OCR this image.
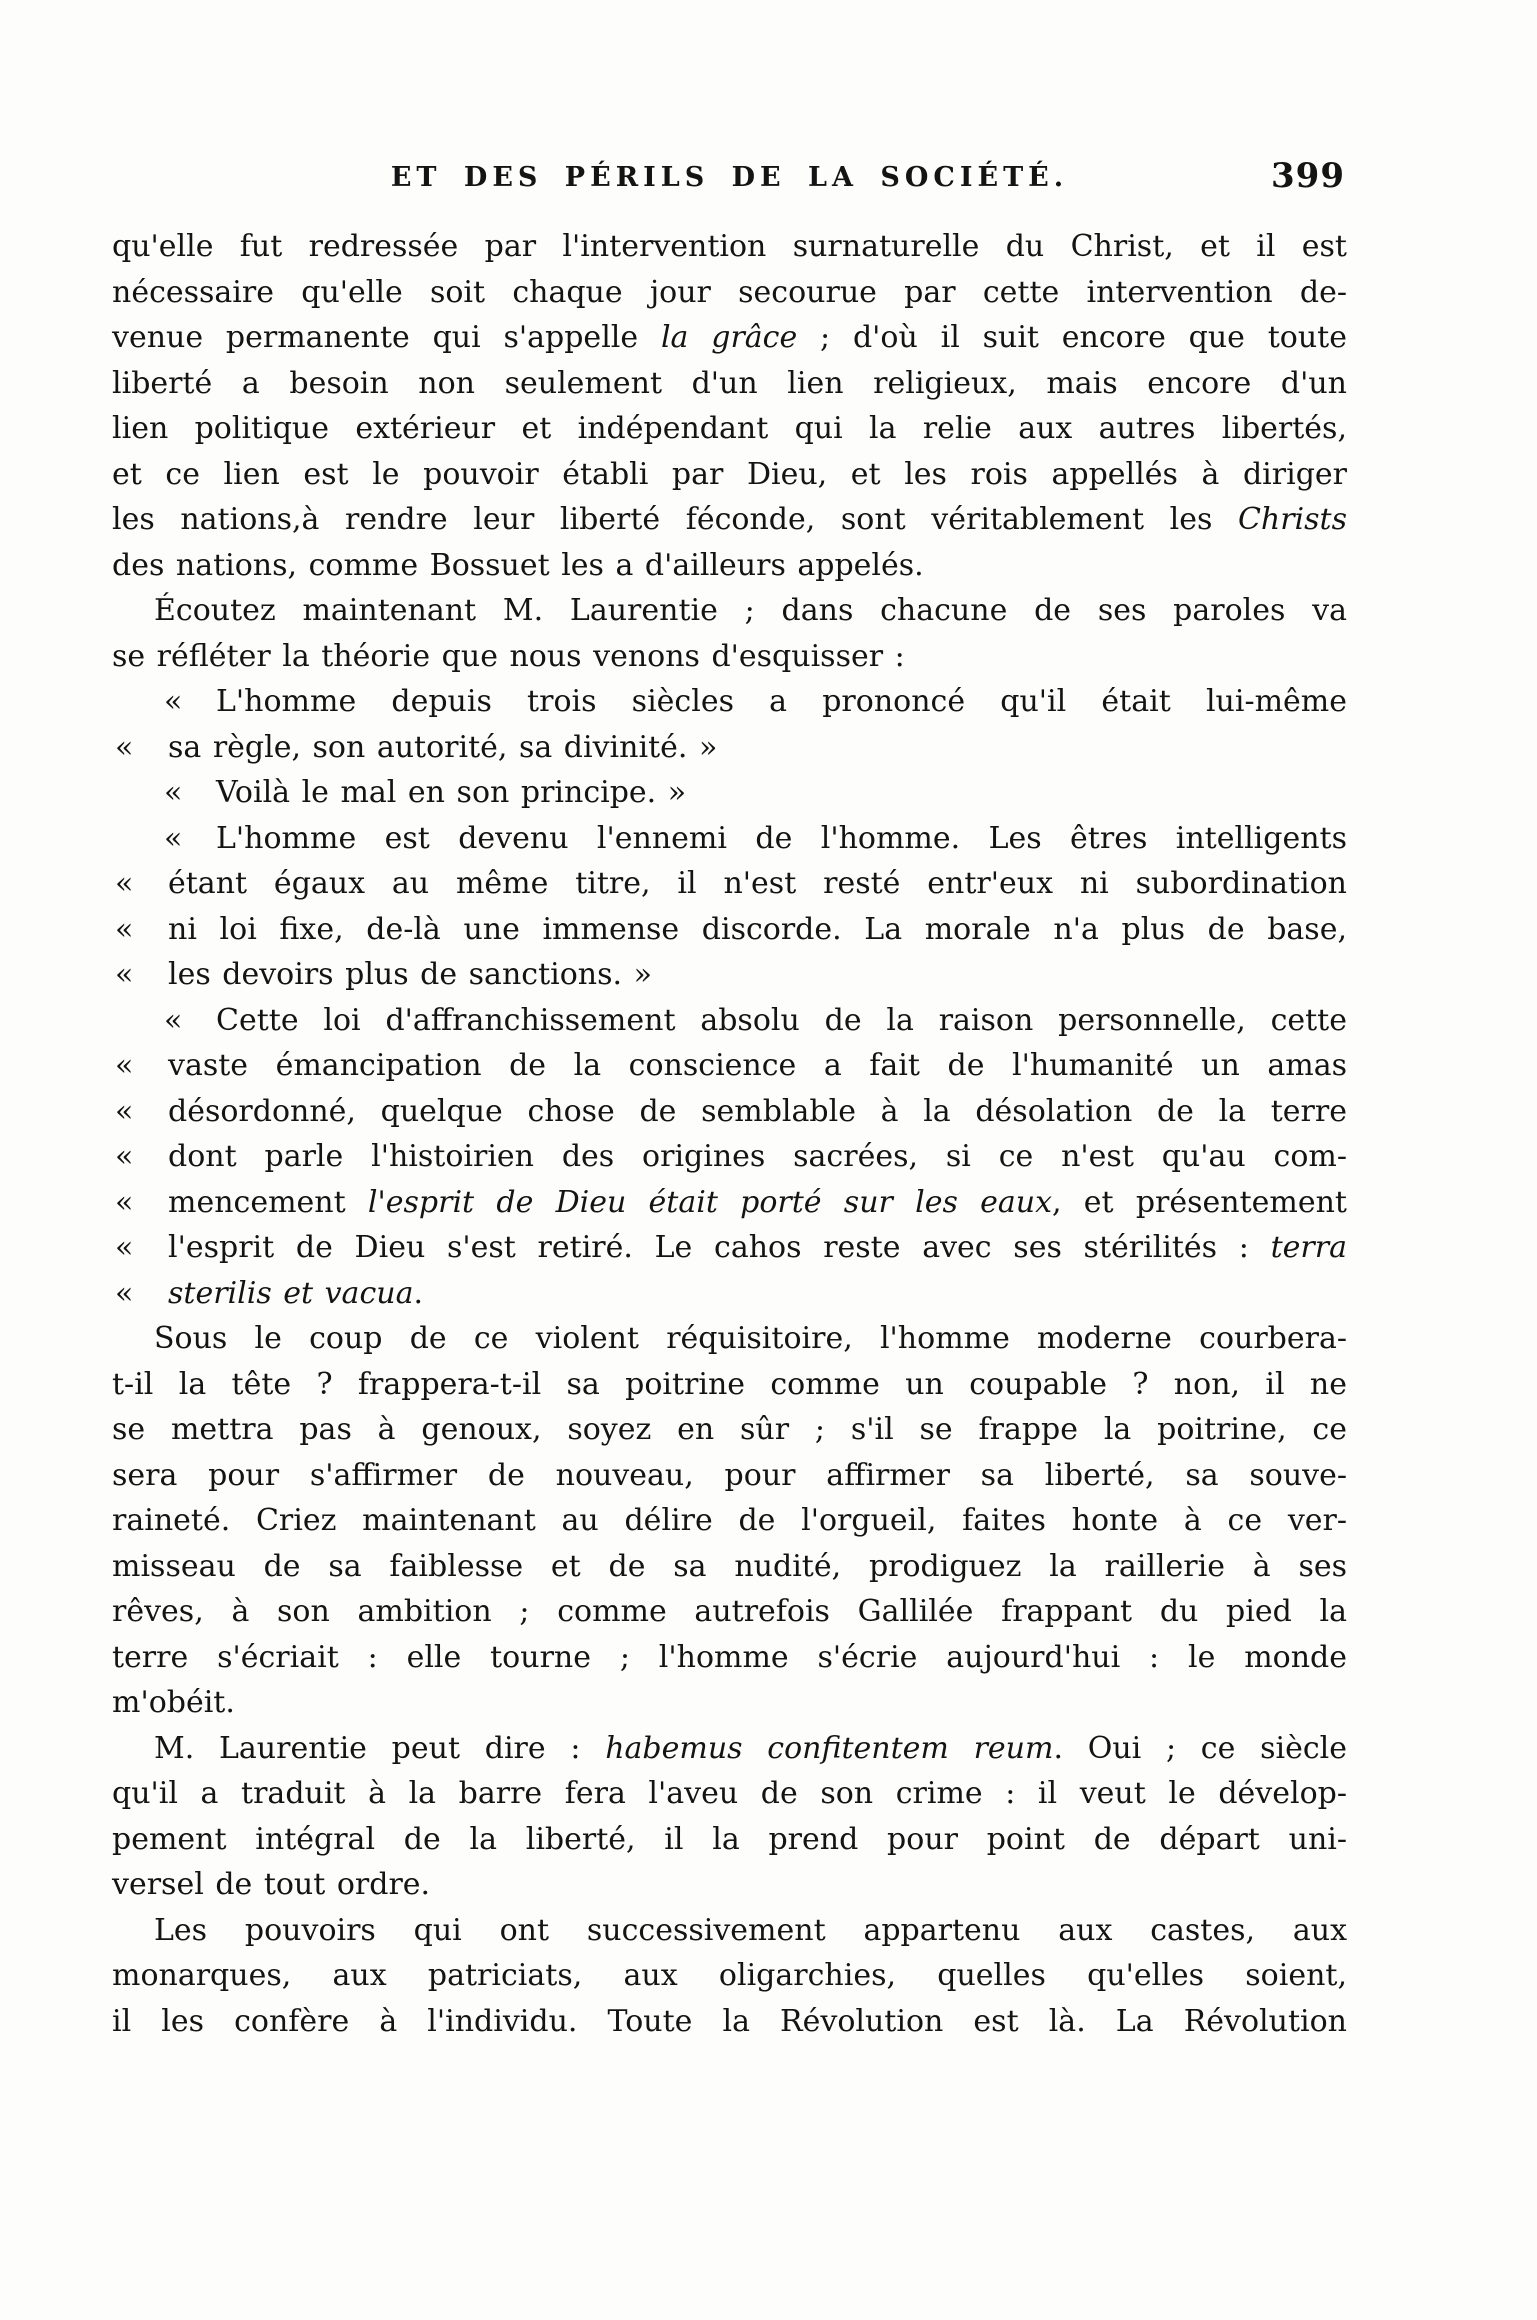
ET DES PÉRILS DE LA SOCIÉTÉ.	399
qu'elle fut redressée par l'intervention surnaturelle du Christ, et il est
nécessaire qu'elle soit chaque jour secourue par cette intervention de-
venue permanente qui s'appelle la grâce ; d'où il suit encore que toute
liberté a besoin non seulement d'un lien religieux, mais encore d'un
lien politique extérieur et indépendant qui la relie aux autres libertés,
et ce lien est le pouvoir établi par Dieu, et les rois appellés à diriger
les nations,à rendre leur liberté féconde, sont véritablement les Christs
des nations, comme Bossuet les a d'ailleurs appelés.
Écoutez maintenant M. Laurentie ; dans chacune de ses paroles va
se réfléter la théorie que nous venons d'esquisser :
« L'homme depuis trois siècles a prononcé qu'il était lui-même
« sa règle, son autorité, sa divinité. »
« Voilà le mal en son principe. »
« L'homme est devenu l'ennemi de l'homme. Les êtres intelligents
« étant égaux au même titre, il n'est resté entr'eux ni subordination
« ni loi fixe, de-là une immense discorde. La morale n'a plus de base,
« les devoirs plus de sanctions. »
« Cette loi d'affranchissement absolu de la raison personnelle, cette
« vaste émancipation de la conscience a fait de l'humanité un amas
« désordonné, quelque chose de semblable à la désolation de la terre
« dont parle l'histoirien des origines sacrées, si ce n'est qu'au com-
« mencement l'esprit de Dieu était porté sur les eaux, et présentement
« l'esprit de Dieu s'est retiré. Le cahos reste avec ses stérilités : terra
« sterilis et vacua.
Sous le coup de ce violent réquisitoire, l'homme moderne courbera-
t-il la tête ? frappera-t-il sa poitrine comme un coupable ? non, il ne
se mettra pas à genoux, soyez en sûr ; s'il se frappe la poitrine, ce
sera pour s'affirmer de nouveau, pour affirmer sa liberté, sa souve-
raineté. Criez maintenant au délire de l'orgueil, faites honte à ce ver-
misseau de sa faiblesse et de sa nudité, prodiguez la raillerie à ses
rêves, à son ambition ; comme autrefois Gallilée frappant du pied la
terre s'écriait : elle tourne ; l'homme s'écrie aujourd'hui : le monde
m'obéit.
M. Laurentie peut dire : habemus confitentem reum. Oui ; ce siècle
qu'il a traduit à la barre fera l'aveu de son crime : il veut le dévelop-
pement intégral de la liberté, il la prend pour point de départ uni-
versel de tout ordre.
Les pouvoirs qui ont successivement appartenu aux castes, aux
monarques, aux patriciats, aux oligarchies, quelles qu'elles soient,
il les confère à l'individu. Toute la Révolution est là. La Révolution
